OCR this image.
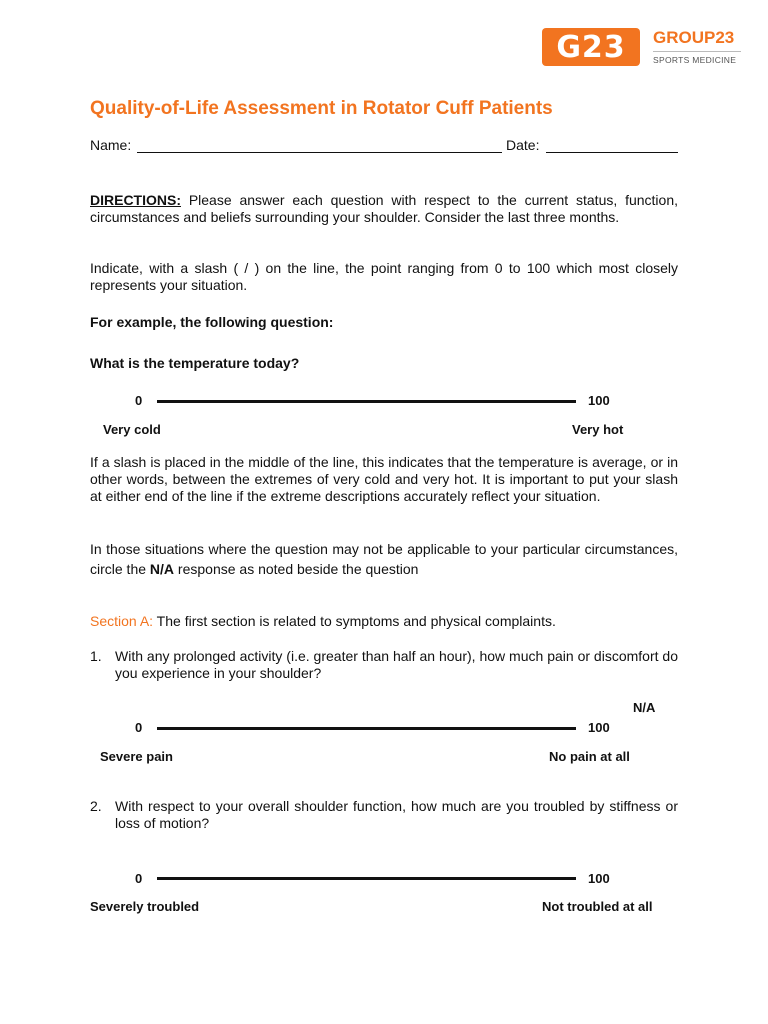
G23	GROUP23
SPORTS MEDICINE
Quality-of-Life Assessment in Rotator Cuff Patients
Name:	Date:
DIRECTIONS: Please answer each question with respect to the current status, function, circumstances and beliefs surrounding your shoulder. Consider the last three months.
Indicate, with a slash ( / ) on the line, the point ranging from 0 to 100 which most closely represents your situation.
For example, the following question:
What is the temperature today?
0	100
Very cold	Very hot
If a slash is placed in the middle of the line, this indicates that the temperature is average, or in other words, between the extremes of very cold and very hot. It is important to put your slash at either end of the line if the extreme descriptions accurately reflect your situation.
In those situations where the question may not be applicable to your particular circumstances, circle the N/A response as noted beside the question
Section A: The first section is related to symptoms and physical complaints.
1. With any prolonged activity (i.e. greater than half an hour), how much pain or discomfort do you experience in your shoulder?
N/A
0	100
Severe pain	No pain at all
2. With respect to your overall shoulder function, how much are you troubled by stiffness or loss of motion?
0	100
Severely troubled	Not troubled at all
